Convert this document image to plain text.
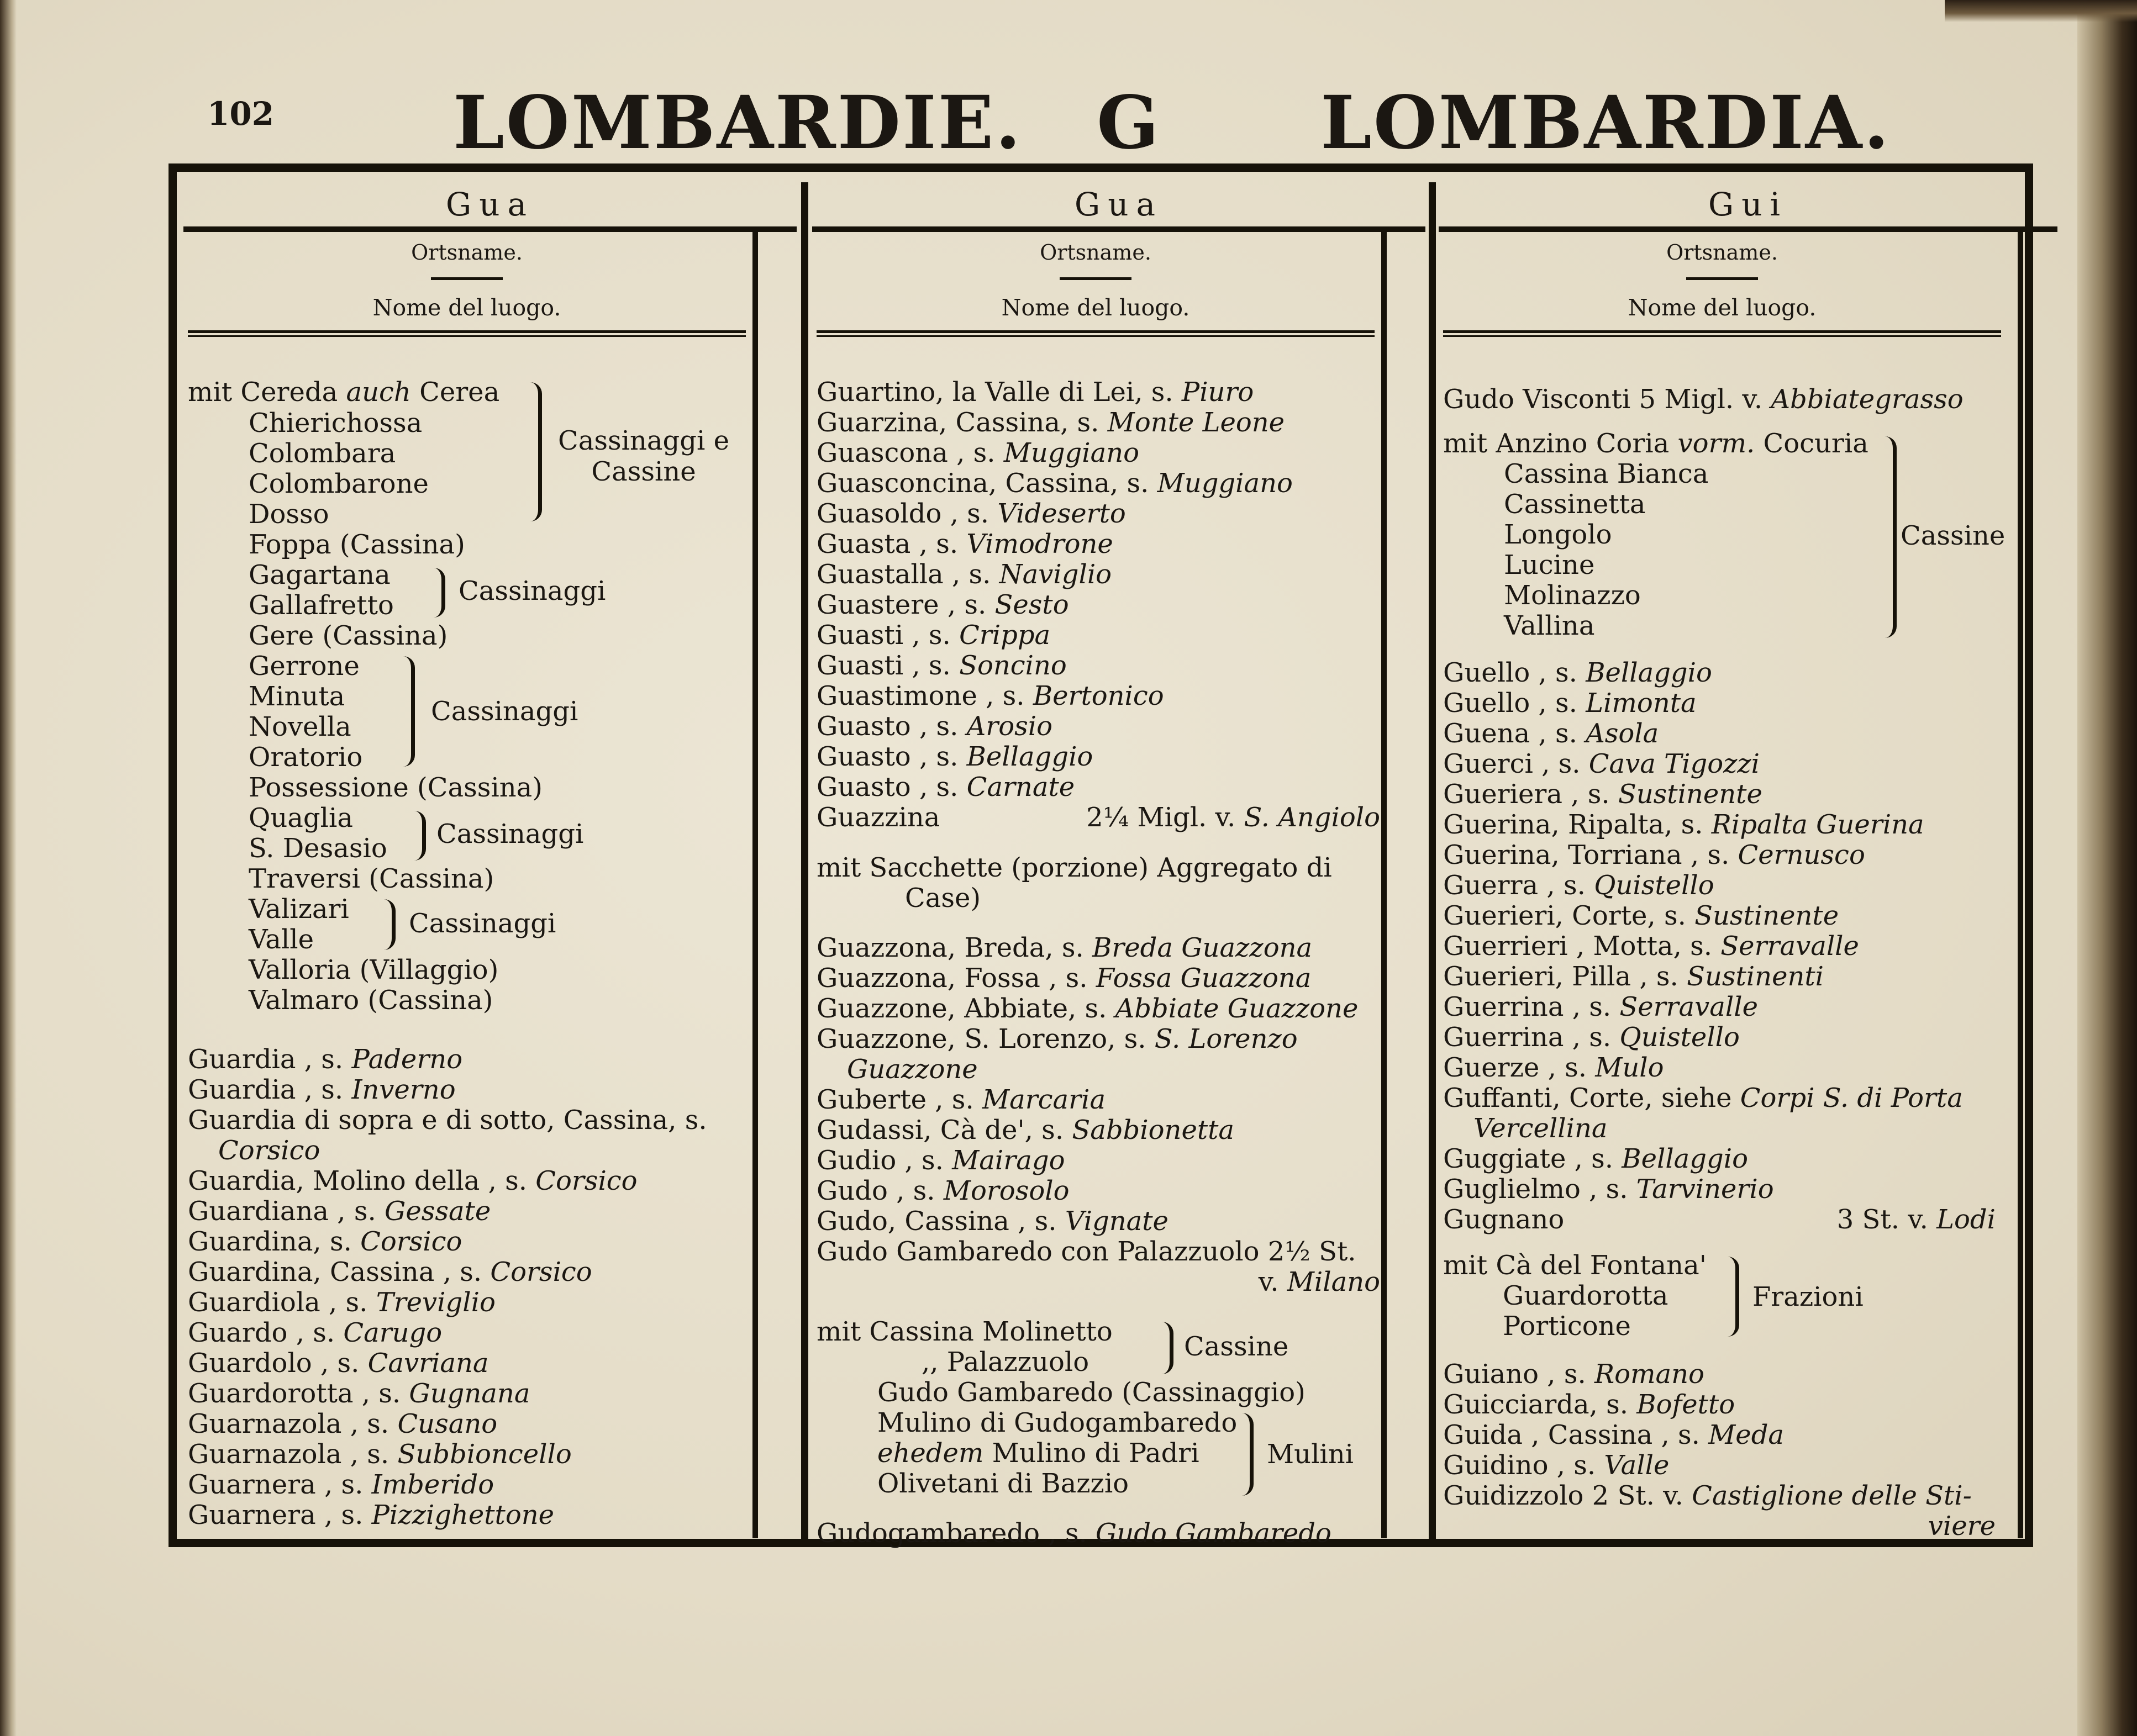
102 LOMBARDIE. G LOMBARDIA.
Gua
Ortsname.
Nome del luogo.
mit Cereda auch Cerea
Chierichossa
Colombara
Colombarone
Dosso
Cassinaggi e
Cassine
Foppa (Cassina)
Gagartana
Gallafretto Cassinaggi
Gere (Cassina)
Gerrone
Minuta
Novella
Oratorio
Cassinaggi
Possessione (Cassina)
Quaglia
S. Desasio Cassinaggi
Traversi (Cassina)
Valizari
Valle
Cassinaggi
Valloria (Villaggio)
Valmaro (Cassina)
Guardia , s. Paderno
Guardia , s. Inverno
Guardia di sopra e di sotto, Cassina, s.
Corsico
Guardia, Molino della , s. Corsico
Guardiana , s. Gessate
Guardina, s. Corsico
Guardina, Cassina , s. Corsico
Guardiola , s. Treviglio
Guardo , s. Carugo
Guardolo , s. Cavriana
Guardorotta , s. Gugnana
Guarnazola , s. Cusano
Guarnazola , s. Subbioncello
Guarnera , s. Imberido
Guarnera , s. Pizzighettone
Gua
Ortsname.
Nome del luogo.
Guartino, la Valle di Lei, s. Piuro
Guarzina, Cassina, s. Monte Leone
Guascona , s. Muggiano
Guasconcina, Cassina, s. Muggiano
Guasoldo , s. Videserto
Guasta , s. Vimodrone
Guastalla , s. Naviglio
Guastere , s. Sesto
Guasti , s. Crippa
Guasti , s. Soncino
Guastimone , s. Bertonico
Guasto , s. Arosio
Guasto , s. Bellaggio
Guasto , s. Carnate
Guazzina	2¼ Migl. v. S. Angiolo
mit Sacchette (porzione) Aggregato di
Case)
Guazzona, Breda, s. Breda Guazzona
Guazzona, Fossa , s. Fossa Guazzona
Guazzone, Abbiate, s. Abbiate Guazzone
Guazzone, S. Lorenzo, s. S. Lorenzo
Guazzone
Guberte , s. Marcaria
Gudassi, Cà de', s. Sabbionetta
Gudio , s. Mairago
Gudo , s. Morosolo
Gudo, Cassina , s. Vignate
Gudo Gambaredo con Palazzuolo 2½ St.
v. Milano
mit Cassina Molinetto
,, Palazzuolo	Cassine
Gudo Gambaredo (Cassinaggio)
Mulino di Gudogambaredo
ehedem Mulino di Padri
Olivetani di Bazzio
Mulini
Gudogambaredo , s. Gudo Gambaredo
Gui
Ortsname.
Nome del luogo.
Gudo Visconti 5 Migl. v. Abbiategrasso
mit Anzino Coria vorm. Cocuria
Cassina Bianca
Cassinetta
Longolo
Lucine
Molinazzo
Vallina
Cassine
Guello , s. Bellaggio
Guello , s. Limonta
Guena , s. Asola
Guerci , s. Cava Tigozzi
Gueriera , s. Sustinente
Guerina, Ripalta, s. Ripalta Guerina
Guerina, Torriana , s. Cernusco
Guerra , s. Quistello
Guerieri, Corte, s. Sustinente
Guerrieri , Motta, s. Serravalle
Guerieri, Pilla , s. Sustinenti
Guerrina , s. Serravalle
Guerrina , s. Quistello
Guerze , s. Mulo
Guffanti, Corte, siehe Corpi S. di Porta
Vercellina
Guggiate , s. Bellaggio
Guglielmo , s. Tarvinerio
Gugnano	3 St. v. Lodi
mit Cà del Fontana'
Guardorotta
Porticone
Frazioni
Guiano , s. Romano
Guicciarda, s. Bofetto
Guida , Cassina , s. Meda
Guidino , s. Valle
Guidizzolo 2 St. v. Castiglione delle Sti-
viere
